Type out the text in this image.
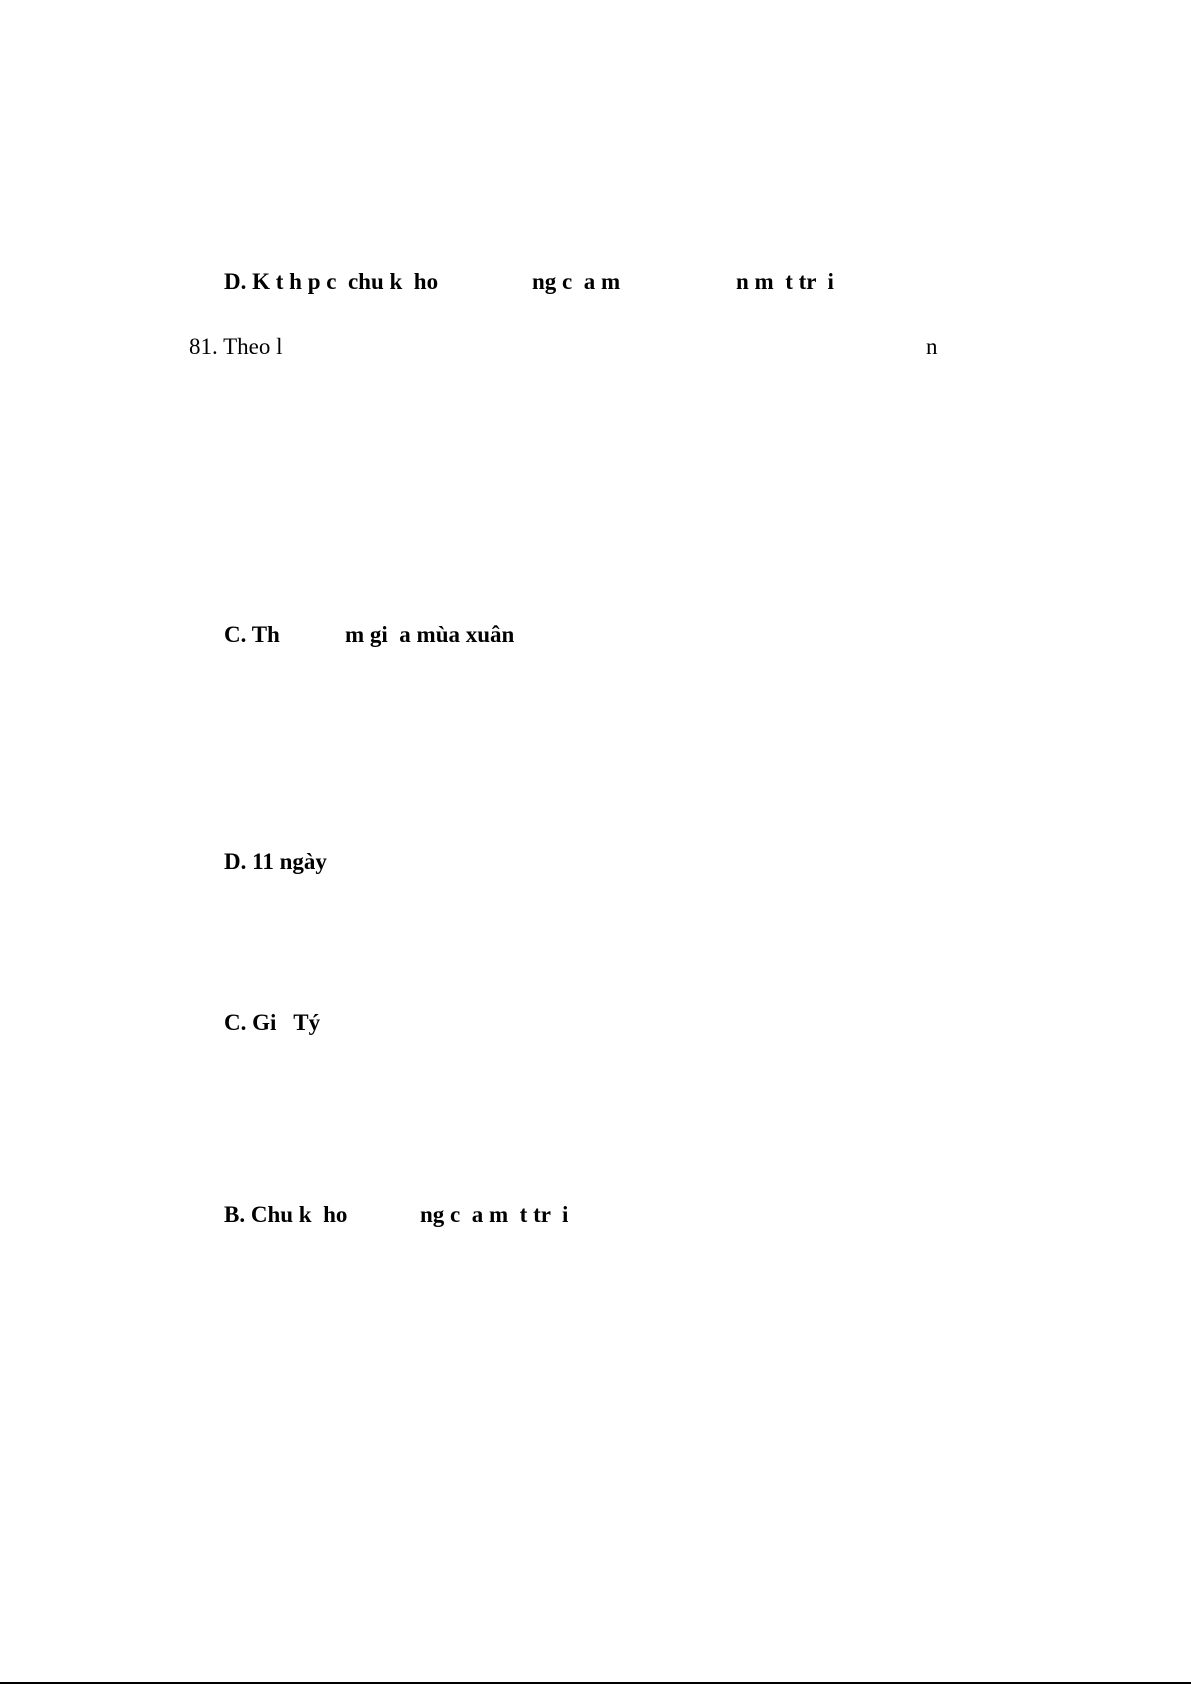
D. K t h p c  chu k  ho	ng c  a m	n m  t tr  i
81. Theo l	n
C. Th	m gi  a mùa xuân
D. 11 ngày
C. Gi   Tý
B. Chu k  ho	ng c  a m  t tr  i
